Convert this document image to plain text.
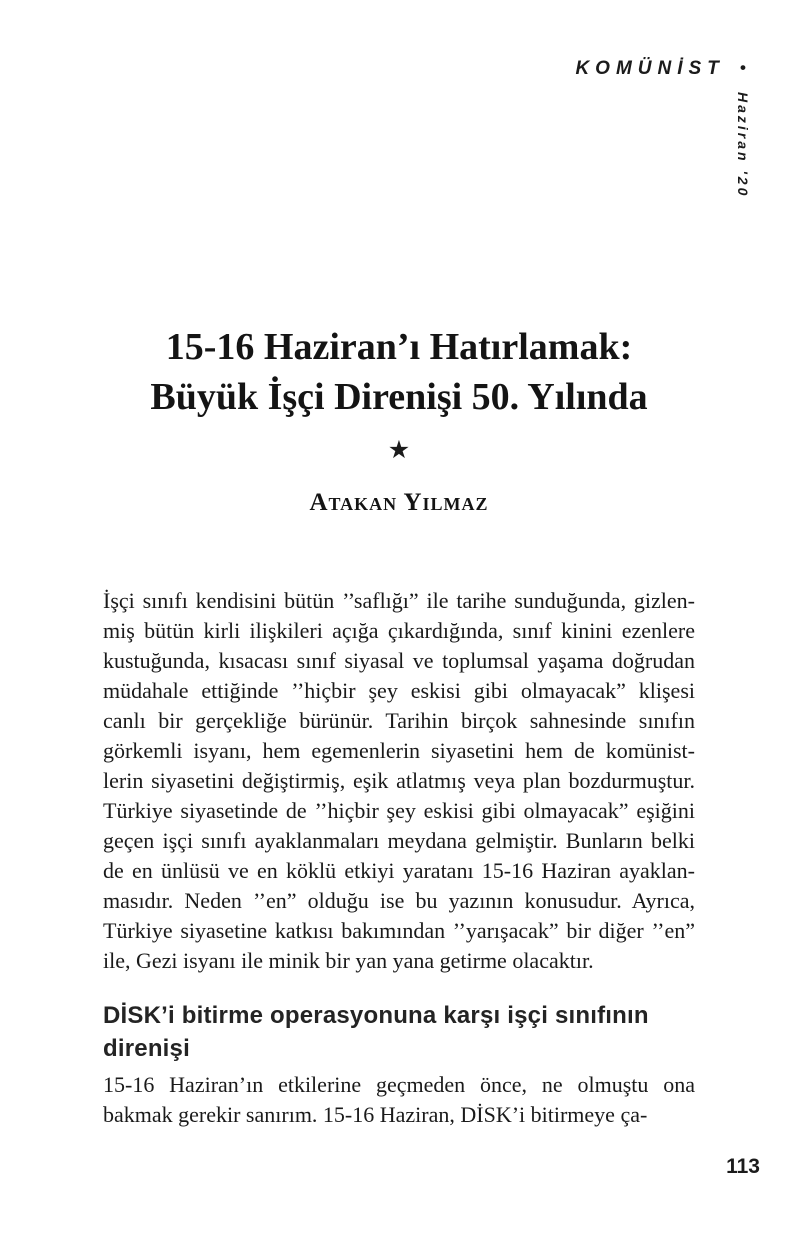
KOMÜNİST •
Haziran '20
15-16 Haziran’ı Hatırlamak:
Büyük İşçi Direnişi 50. Yılında
★
Atakan Yılmaz
İşçi sınıfı kendisini bütün ’’saflığı” ile tarihe sunduğunda, gizlen-
miş bütün kirli ilişkileri açığa çıkardığında, sınıf kinini ezenlere
kustuğunda, kısacası sınıf siyasal ve toplumsal yaşama doğrudan
müdahale ettiğinde ’’hiçbir şey eskisi gibi olmayacak” klişesi
canlı bir gerçekliğe bürünür. Tarihin birçok sahnesinde sınıfın
görkemli isyanı, hem egemenlerin siyasetini hem de komünist-
lerin siyasetini değiştirmiş, eşik atlatmış veya plan bozdurmuştur.
Türkiye siyasetinde de ’’hiçbir şey eskisi gibi olmayacak” eşiğini
geçen işçi sınıfı ayaklanmaları meydana gelmiştir. Bunların belki
de en ünlüsü ve en köklü etkiyi yaratanı 15-16 Haziran ayaklan-
masıdır. Neden ’’en” olduğu ise bu yazının konusudur. Ayrıca,
Türkiye siyasetine katkısı bakımından ’’yarışacak” bir diğer ’’en”
ile, Gezi isyanı ile minik bir yan yana getirme olacaktır.
DİSK’i bitirme operasyonuna karşı işçi sınıfının direnişi
15-16 Haziran’ın etkilerine geçmeden önce, ne olmuştu ona
bakmak gerekir sanırım. 15-16 Haziran, DİSK’i bitirmeye ça-
113
